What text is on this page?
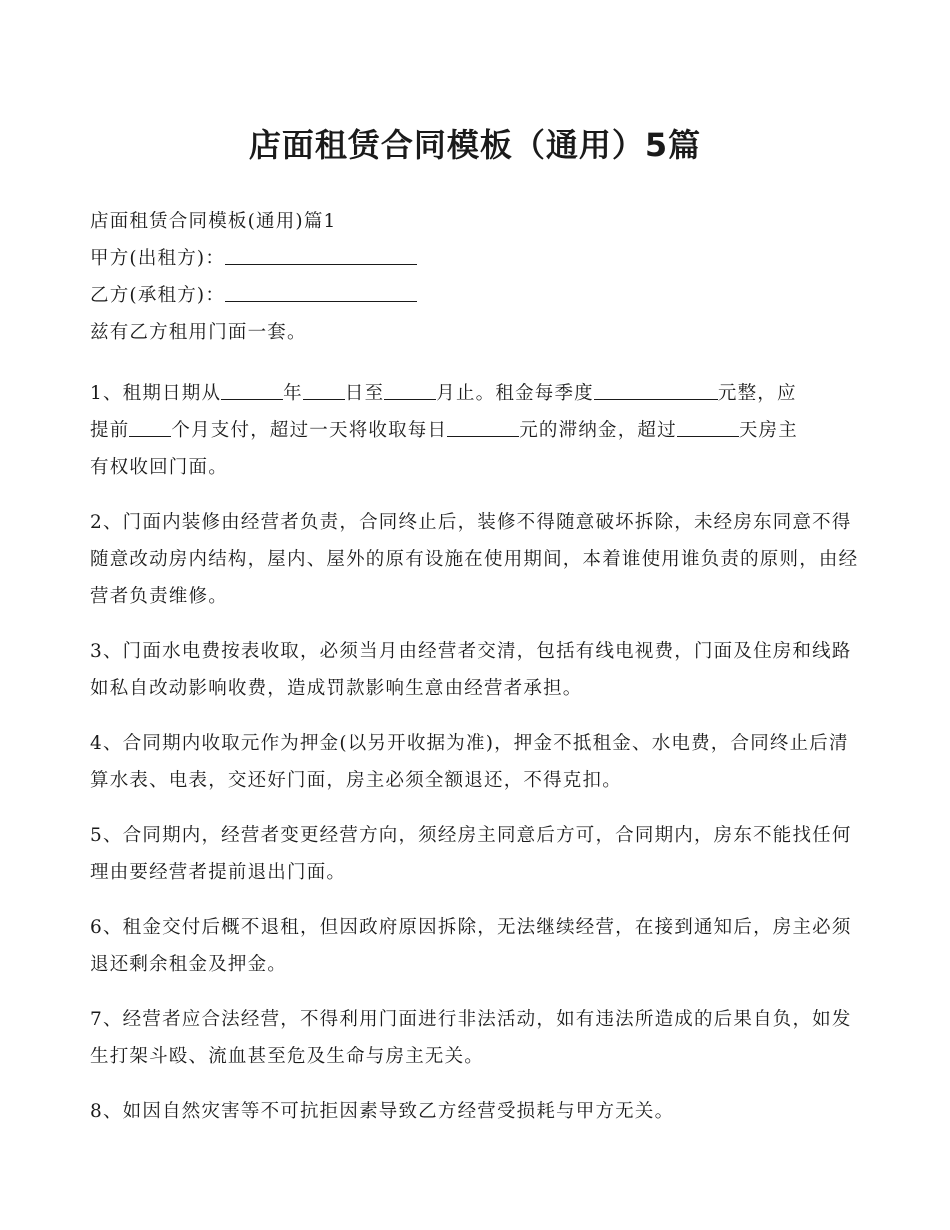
店面租赁合同模板（通用）5篇
店面租赁合同模板(通用)篇1
甲方(出租方)：
乙方(承租方)：
兹有乙方租用门面一套。
1、租期日期从	年 日至	月止。租金每季度	元整，应
提前 个月支付，超过一天将收取每日	元的滞纳金，超过	天房主
有权收回门面。
2、门面内装修由经营者负责，合同终止后，装修不得随意破坏拆除，未经房东同意不得随意改动房内结构，屋内、屋外的原有设施在使用期间，本着谁使用谁负责的原则，由经营者负责维修。
3、门面水电费按表收取，必须当月由经营者交清，包括有线电视费，门面及住房和线路如私自改动影响收费，造成罚款影响生意由经营者承担。
4、合同期内收取元作为押金(以另开收据为准)，押金不抵租金、水电费，合同终止后清算水表、电表，交还好门面，房主必须全额退还，不得克扣。
5、合同期内，经营者变更经营方向，须经房主同意后方可，合同期内，房东不能找任何理由要经营者提前退出门面。
6、租金交付后概不退租，但因政府原因拆除，无法继续经营，在接到通知后，房主必须退还剩余租金及押金。
7、经营者应合法经营，不得利用门面进行非法活动，如有违法所造成的后果自负，如发生打架斗殴、流血甚至危及生命与房主无关。
8、如因自然灾害等不可抗拒因素导致乙方经营受损耗与甲方无关。
